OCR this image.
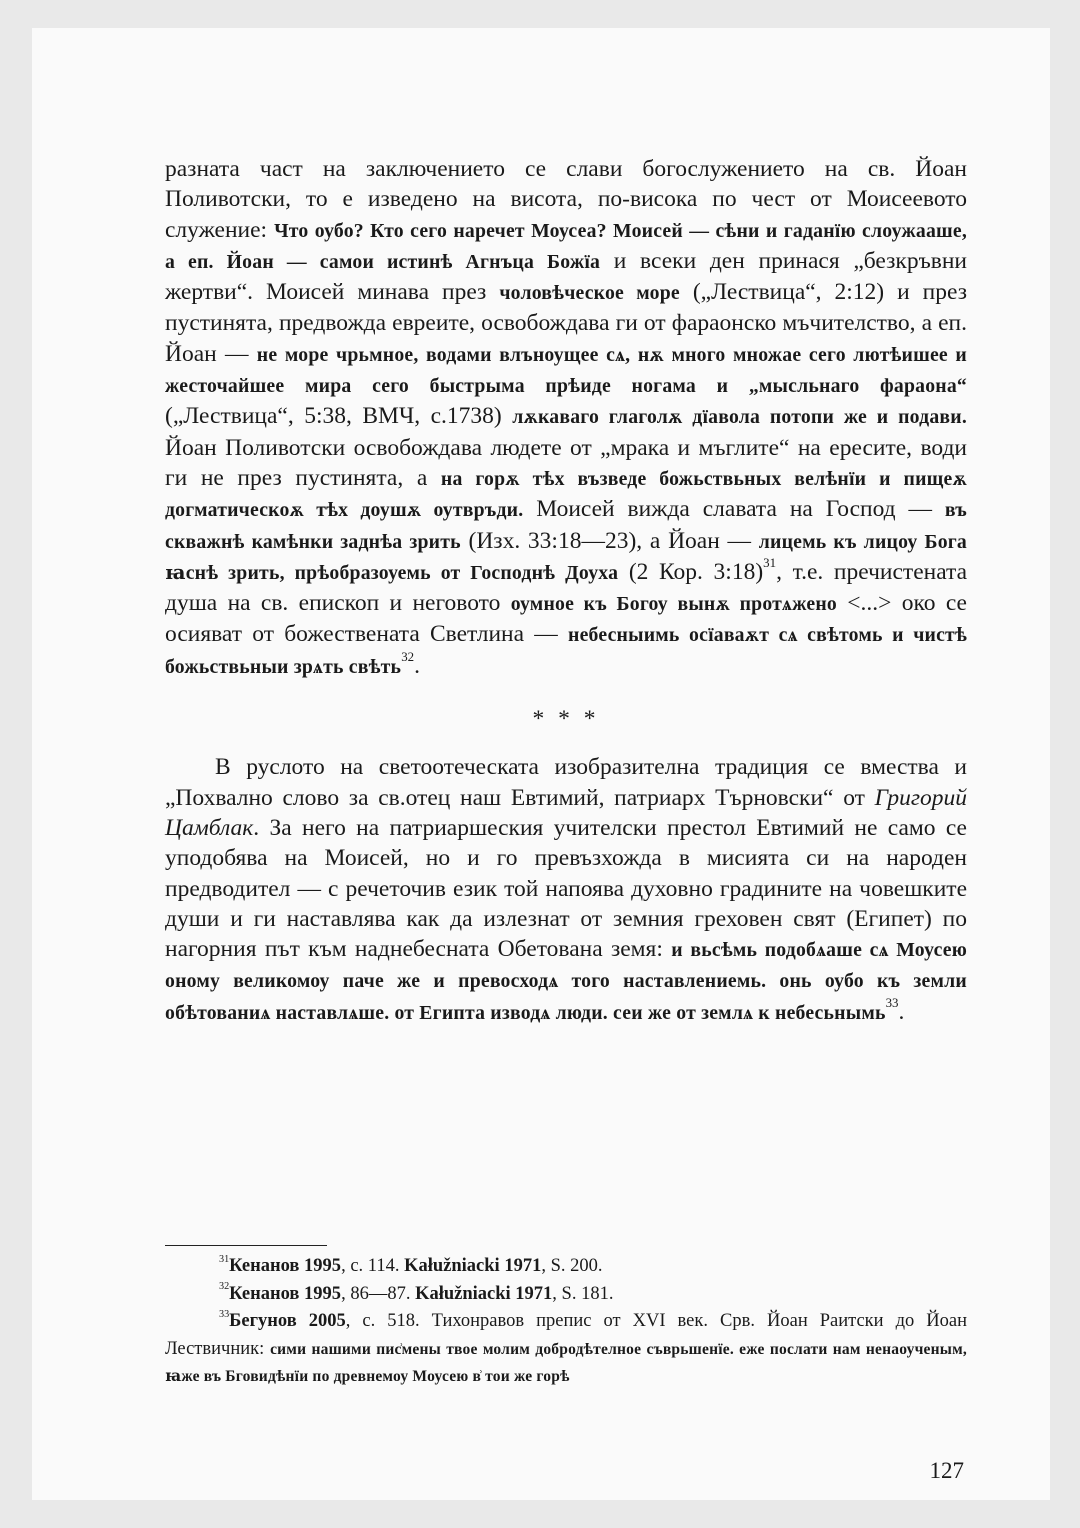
разната част на заключението се слави богослужението на св. Йоан Поливотски, то е изведено на висота, по-висока по чест от Моисеевото служение: Что оубо? Кто сего наречет Моусеа? Моисей — сѣни и гаданїю слоужааше, а еп. Йоан — самои истинѣ Агнъца Божїа и всеки ден принася „безкръвни жертви“. Моисей минава през чоловѣческое море („Лествица“, 2:12) и през пустинята, предвожда евреите, освобождава ги от фараонско мъчителство, а еп. Йоан — не море чрьмное, водами влъноущее сѧ, нѫ много множае сего лютѣишее и жесточайшее мира сего быстрыма прѣиде ногама и „мысльнаго фараона“ („Лествица“, 5:38, ВМЧ, с.1738) лѫкаваго глаголѫ дїавола потопи же и подави. Йоан Поливотски освобождава людете от „мрака и мъглите“ на ересите, води ги не през пустинята, а на горѫ тѣх възведе божьствьных велѣнїи и пищеѫ догматическоѫ тѣх доушѫ оутвръди. Моисей вижда славата на Господ — въ скважнѣ камѣнки заднѣа зрить (Изх. 33:18—23), а Йоан — лицемь къ лицоу Бога ꙗснѣ зрить, прѣобразоуемь от Господнѣ Доуха (2 Кор. 3:18)$^{31}$, т.е. пречистената душа на св. епископ и неговото оумное къ Богоу вынѫ протѧжено <...> око се осияват от божествената Светлина — небесныимь осїаваѫт сѧ свѣтомь и чистѣ божьствьныи зрѧть свѣть$^{32}$.

* * *

В руслото на светоотеческата изобразителна традиция се вмества и „Похвално слово за св.отец наш Евтимий, патриарх Търновски“ от Григорий Цамблак. За него на патриаршеския учителски престол Евтимий не само се уподобява на Моисей, но и го превъзхожда в мисията си на народен предводител — с речеточив език той напоява духовно градините на човешките души и ги наставлява как да излезнат от земния греховен свят (Египет) по нагорния път към наднебесната Обетована земя: и вьсѣмь подобѧаше сѧ Моусею оному великомоу паче же и превосходѧ того наставлениемь. онь оубо къ земли обѣтованиѧ наставлѧше. от Египта изводѧ люди. сеи же от землѧ к небесьнымь$^{33}$.

$^{31}$Кенанов 1995, с. 114. Kałužniacki 1971, S. 200.

$^{32}$Кенанов 1995, 86—87. Kałužniacki 1971, S. 181.

$^{33}$Бегунов 2005, с. 518. Тихонравов препис от XVI век. Срв. Йоан Раитски до Йоан Лествичник: сими нашими пис͗мены твое молим добродѣтелное съврьшенїе. еже послати нам ненаоученым, ꙗже въ Бговидѣнїи по древнемоу Моусею в͗ тои же горѣ

127
